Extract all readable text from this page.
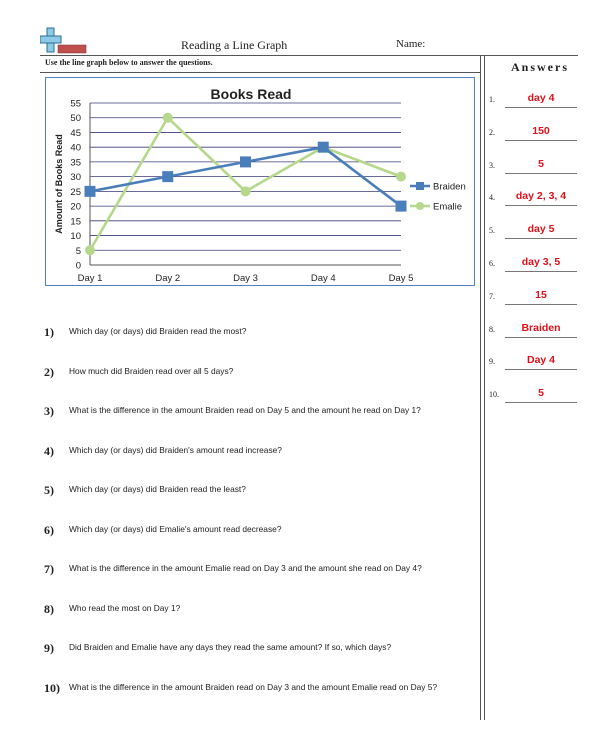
Reading a Line Graph	Name:
Use the line graph below to answer the questions.	Answers
1.	day 4
2.	150
3.	5
4.	day 2, 3, 4
5.	day 5
6.	day 3, 5
7.	15
8.	Braiden
9.	Day 4
10.	5
Books Read
0
5
10
15
20
25
30
35
40
45
50
55
Day 1	Day 2	Day 3	Day 4	Day 5
Amount of Books Read	Braiden
Emalie
1) Which day (or days) did Braiden read the most?
2) How much did Braiden read over all 5 days?
3) What is the difference in the amount Braiden read on Day 5 and the amount he read on Day 1?
4) Which day (or days) did Braiden's amount read increase?
5) Which day (or days) did Braiden read the least?
6) Which day (or days) did Emalie's amount read decrease?
7) What is the difference in the amount Emalie read on Day 3 and the amount she read on Day 4?
8) Who read the most on Day 1?
9) Did Braiden and Emalie have any days they read the same amount? If so, which days?
10) What is the difference in the amount Braiden read on Day 3 and the amount Emalie read on Day 5?
